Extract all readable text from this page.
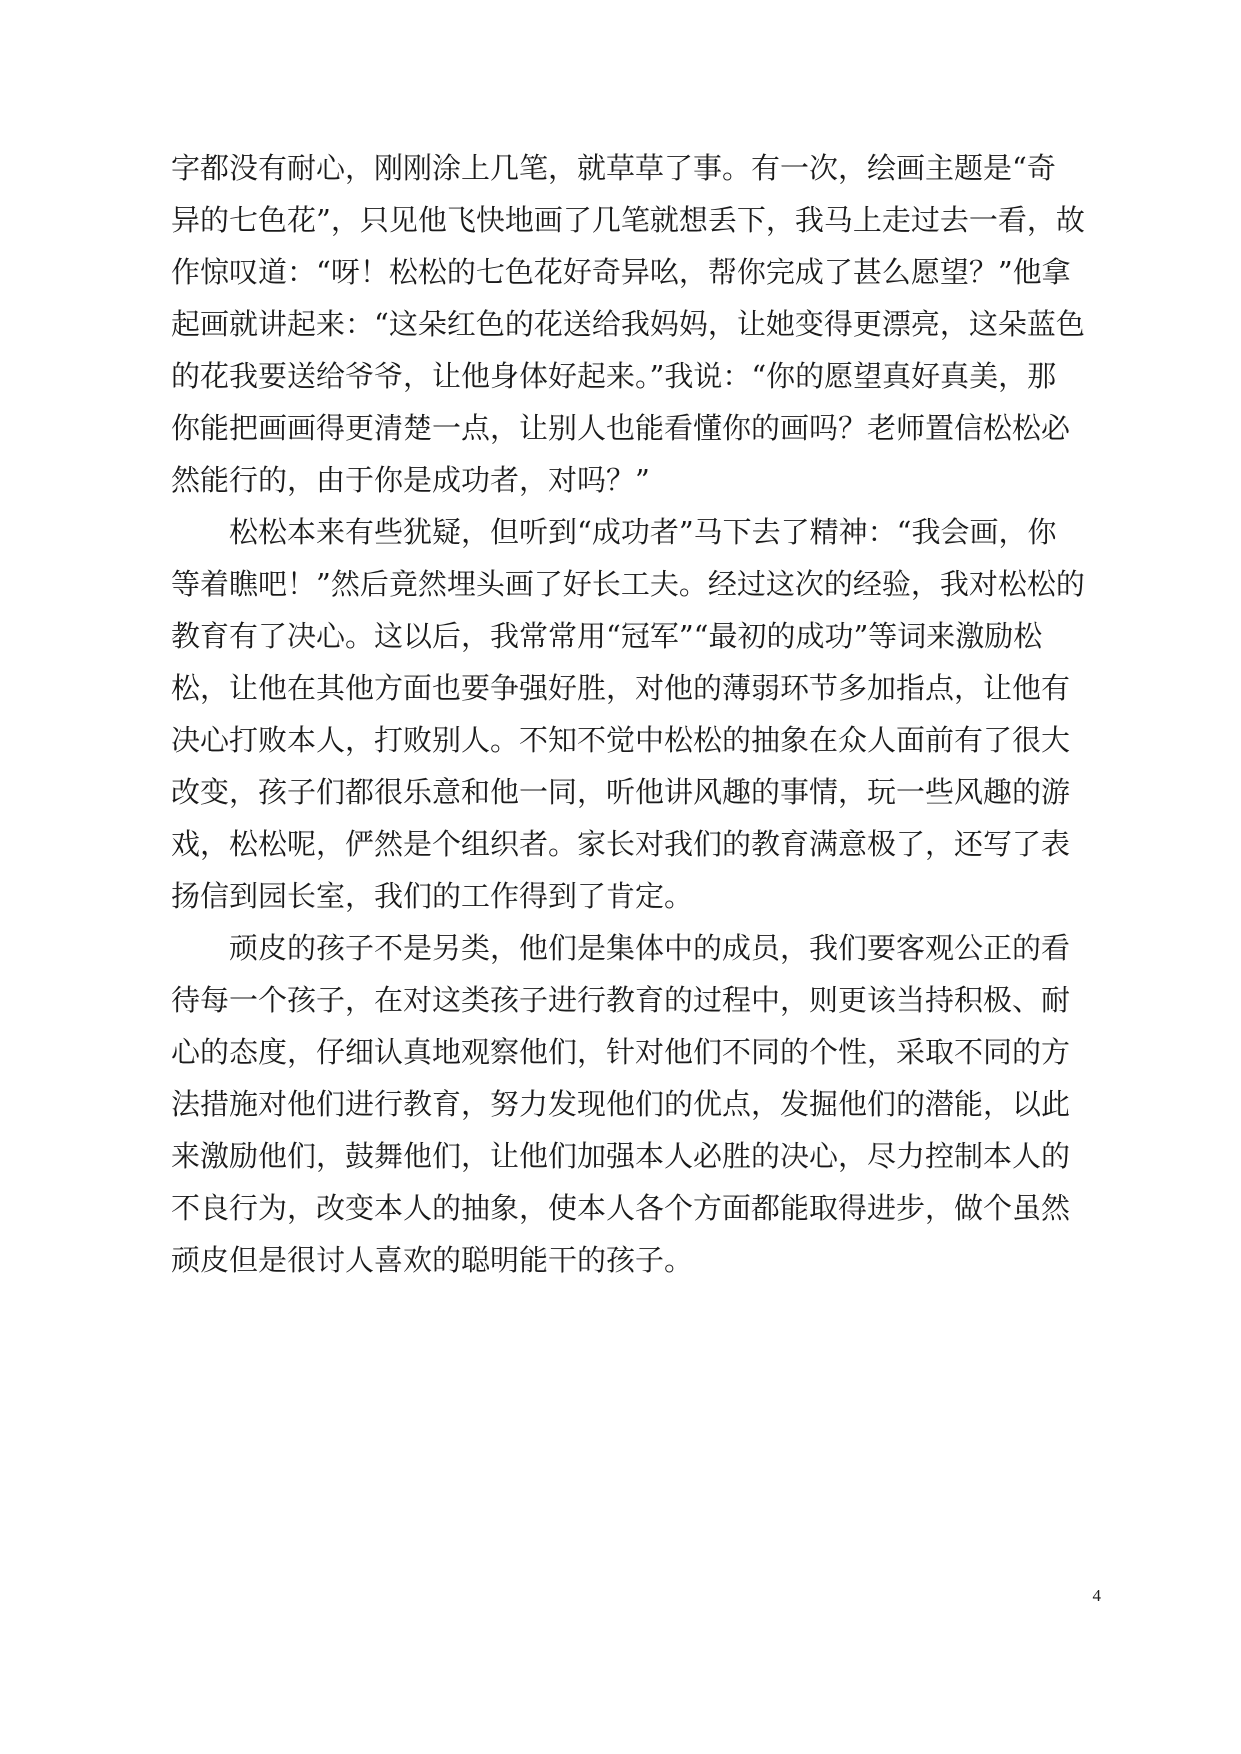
字都没有耐心，刚刚涂上几笔，就草草了事。有一次，绘画主题是“奇
异的七色花”，只见他飞快地画了几笔就想丢下，我马上走过去一看，故
作惊叹道：“呀！松松的七色花好奇异吆，帮你完成了甚么愿望？”他拿
起画就讲起来：“这朵红色的花送给我妈妈，让她变得更漂亮，这朵蓝色
的花我要送给爷爷，让他身体好起来。”我说：“你的愿望真好真美，那
你能把画画得更清楚一点，让别人也能看懂你的画吗？老师置信松松必
然能行的，由于你是成功者，对吗？”
松松本来有些犹疑，但听到“成功者”马下去了精神：“我会画，你
等着瞧吧！”然后竟然埋头画了好长工夫。经过这次的经验，我对松松的
教育有了决心。这以后，我常常用“冠军”“最初的成功”等词来激励松
松，让他在其他方面也要争强好胜，对他的薄弱环节多加指点，让他有
决心打败本人，打败别人。不知不觉中松松的抽象在众人面前有了很大
改变，孩子们都很乐意和他一同，听他讲风趣的事情，玩一些风趣的游
戏，松松呢，俨然是个组织者。家长对我们的教育满意极了，还写了表
扬信到园长室，我们的工作得到了肯定。
顽皮的孩子不是另类，他们是集体中的成员，我们要客观公正的看
待每一个孩子，在对这类孩子进行教育的过程中，则更该当持积极、耐
心的态度，仔细认真地观察他们，针对他们不同的个性，采取不同的方
法措施对他们进行教育，努力发现他们的优点，发掘他们的潜能，以此
来激励他们，鼓舞他们，让他们加强本人必胜的决心，尽力控制本人的
不良行为，改变本人的抽象，使本人各个方面都能取得进步，做个虽然
顽皮但是很讨人喜欢的聪明能干的孩子。
4
